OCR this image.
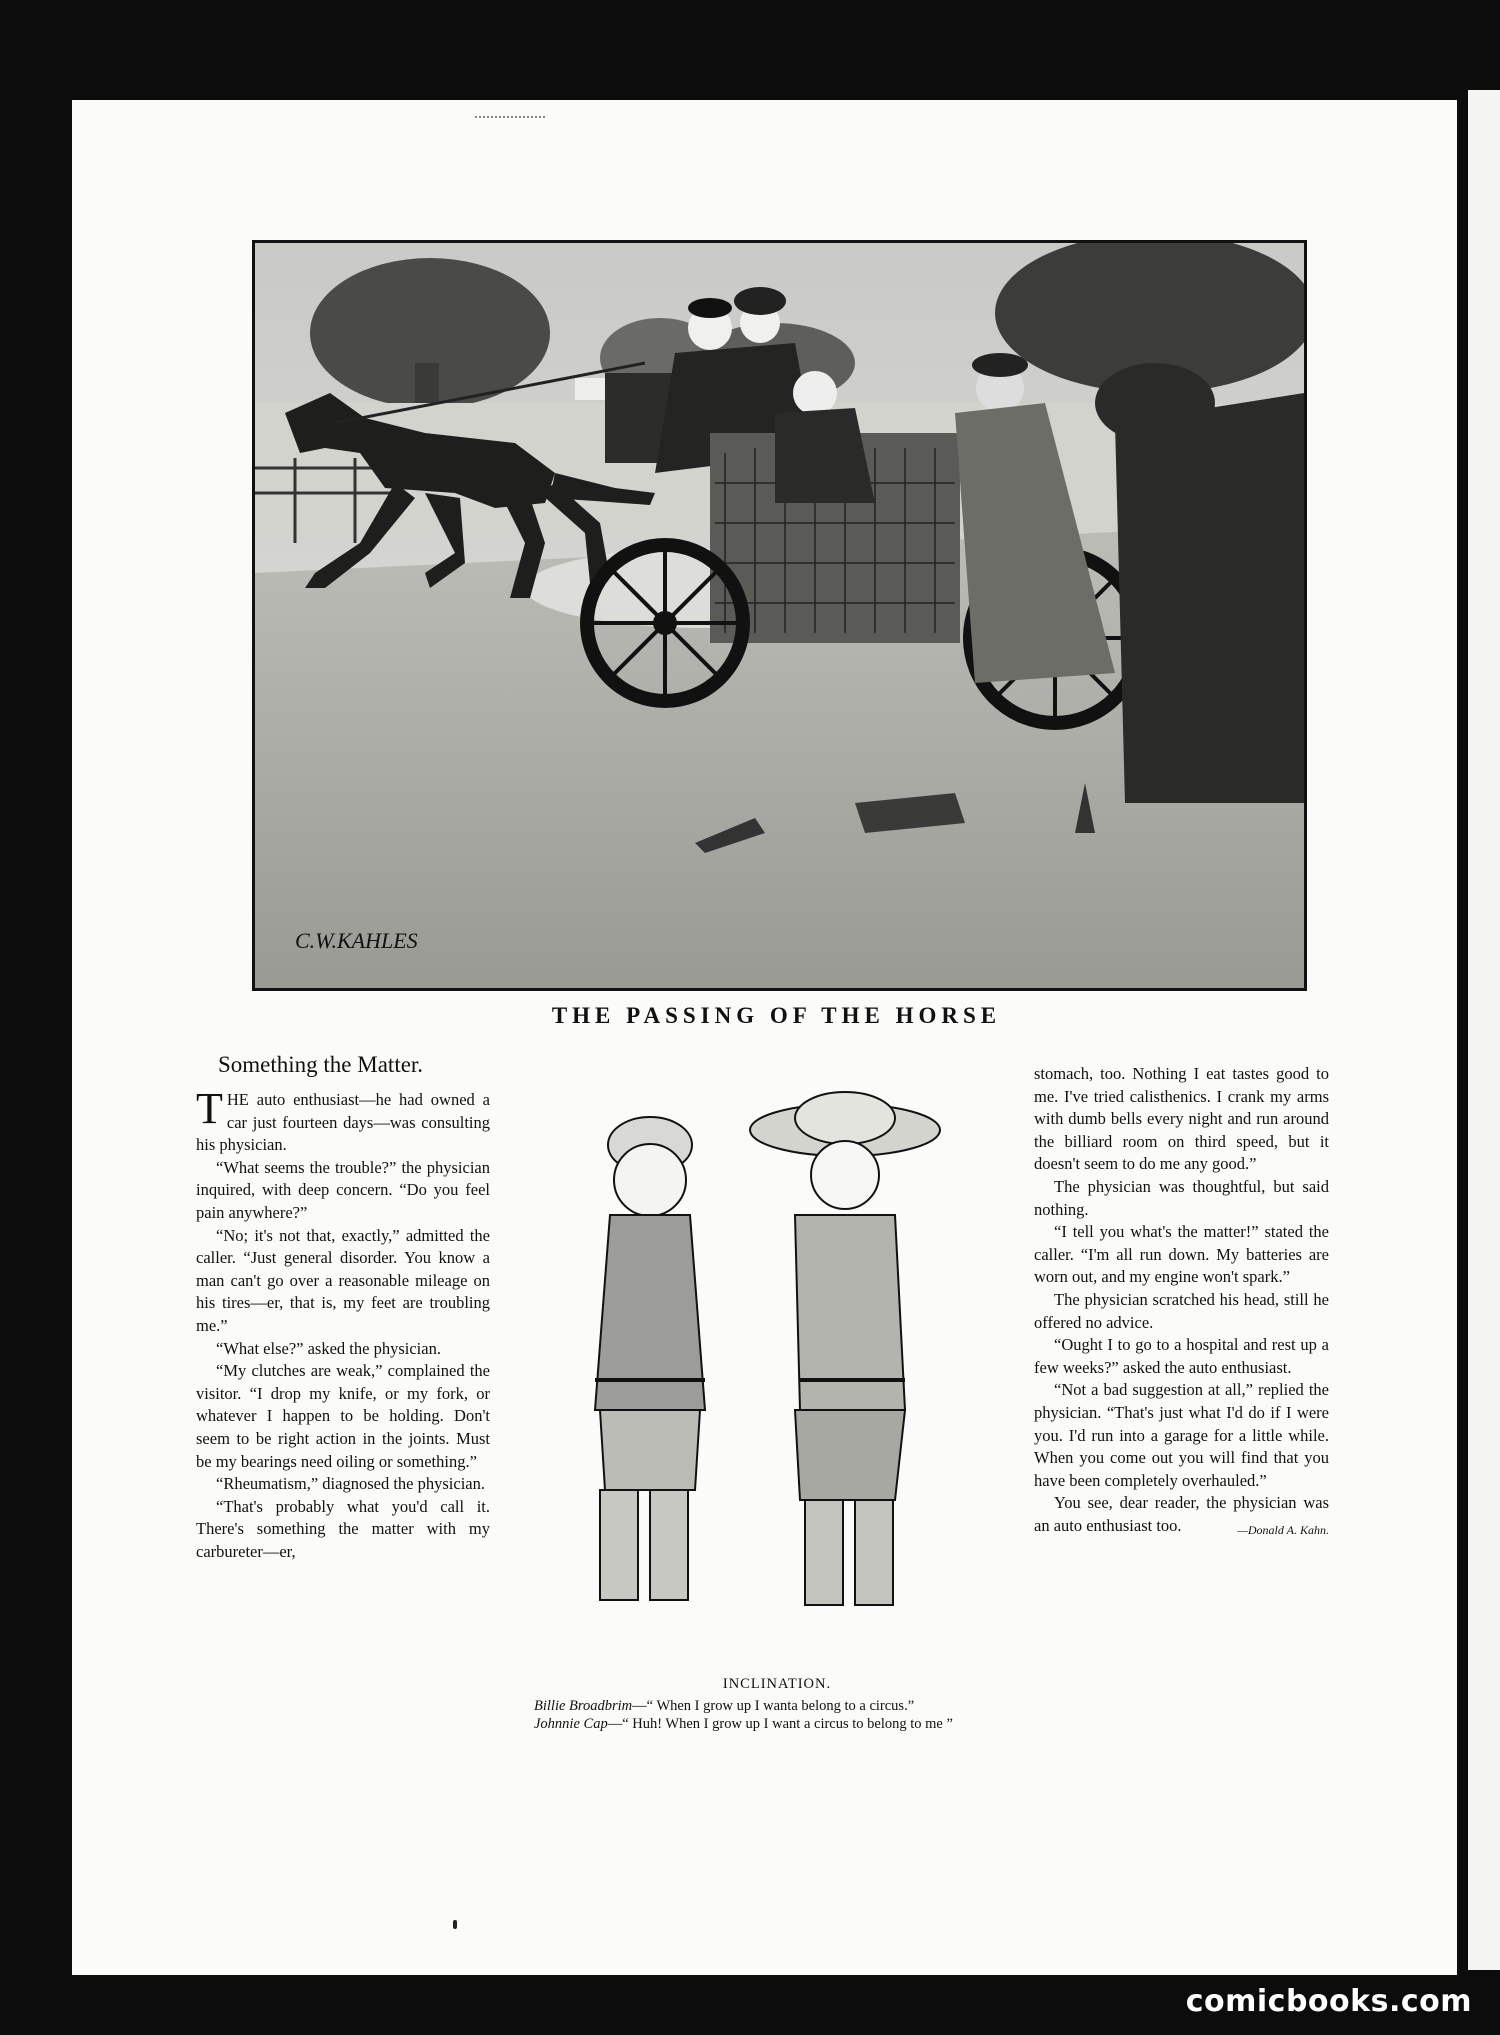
C.W.KAHLES
THE PASSING OF THE HORSE
Something the Matter.

THE auto enthusiast—he had owned a car just fourteen days—was consulting his physician.

“What seems the trouble?” the physician inquired, with deep concern. “Do you feel pain anywhere?”

“No; it's not that, exactly,” admitted the caller. “Just general disorder. You know a man can't go over a reasonable mileage on his tires—er, that is, my feet are troubling me.”

“What else?” asked the physician.

“My clutches are weak,” complained the visitor. “I drop my knife, or my fork, or whatever I happen to be holding. Don't seem to be right action in the joints. Must be my bearings need oiling or something.”

“Rheumatism,” diagnosed the physician.

“That's probably what you'd call it. There's something the matter with my carbureter—er,

INCLINATION.

Billie Broadbrim—“ When I grow up I wanta belong to a circus.”

Johnnie Cap—“ Huh! When I grow up I want a circus to belong to me ”

stomach, too. Nothing I eat tastes good to me. I've tried calisthenics. I crank my arms with dumb bells every night and run around the billiard room on third speed, but it doesn't seem to do me any good.”

The physician was thoughtful, but said nothing.

“I tell you what's the matter!” stated the caller. “I'm all run down. My batteries are worn out, and my engine won't spark.”

The physician scratched his head, still he offered no advice.

“Ought I to go to a hospital and rest up a few weeks?” asked the auto enthusiast.

“Not a bad suggestion at all,” replied the physician. “That's just what I'd do if I were you. I'd run into a garage for a little while. When you come out you will find that you have been completely overhauled.”

You see, dear reader, the physician was an auto enthusiast too.	—Donald A. Kahn.

comicbooks.com
